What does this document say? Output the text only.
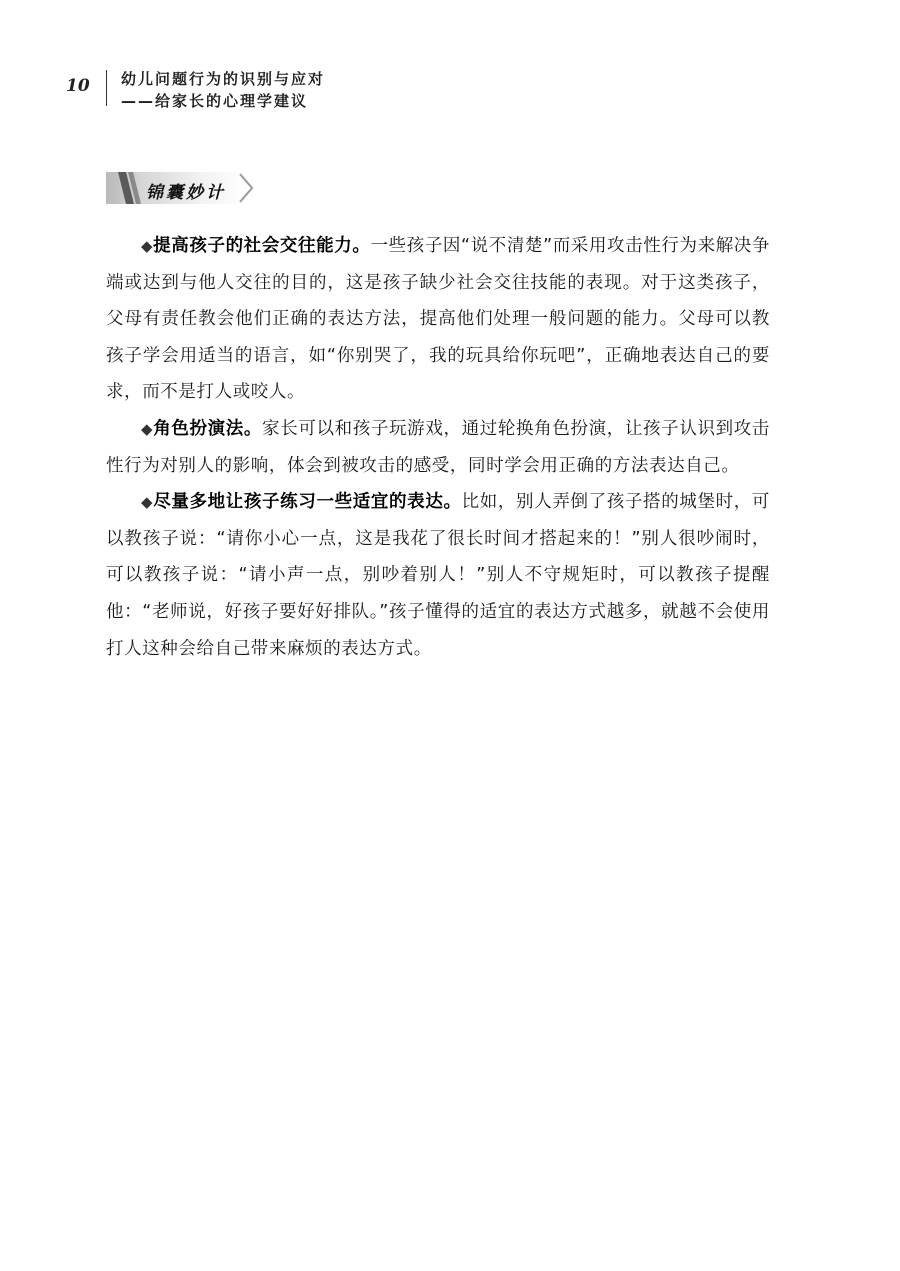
10 幼儿问题行为的识别与应对
——给家长的心理学建议
锦囊妙计

◆提高孩子的社会交往能力。一些孩子因“说不清楚”而采用攻击性行为来解决争端或达到与他人交往的目的，这是孩子缺少社会交往技能的表现。对于这类孩子，父母有责任教会他们正确的表达方法，提高他们处理一般问题的能力。父母可以教孩子学会用适当的语言，如“你别哭了，我的玩具给你玩吧”，正确地表达自己的要求，而不是打人或咬人。

◆角色扮演法。家长可以和孩子玩游戏，通过轮换角色扮演，让孩子认识到攻击性行为对别人的影响，体会到被攻击的感受，同时学会用正确的方法表达自己。

◆尽量多地让孩子练习一些适宜的表达。比如，别人弄倒了孩子搭的城堡时，可以教孩子说：“请你小心一点，这是我花了很长时间才搭起来的！”别人很吵闹时，可以教孩子说：“请小声一点，别吵着别人！”别人不守规矩时，可以教孩子提醒他：“老师说，好孩子要好好排队。”孩子懂得的适宜的表达方式越多，就越不会使用打人这种会给自己带来麻烦的表达方式。
